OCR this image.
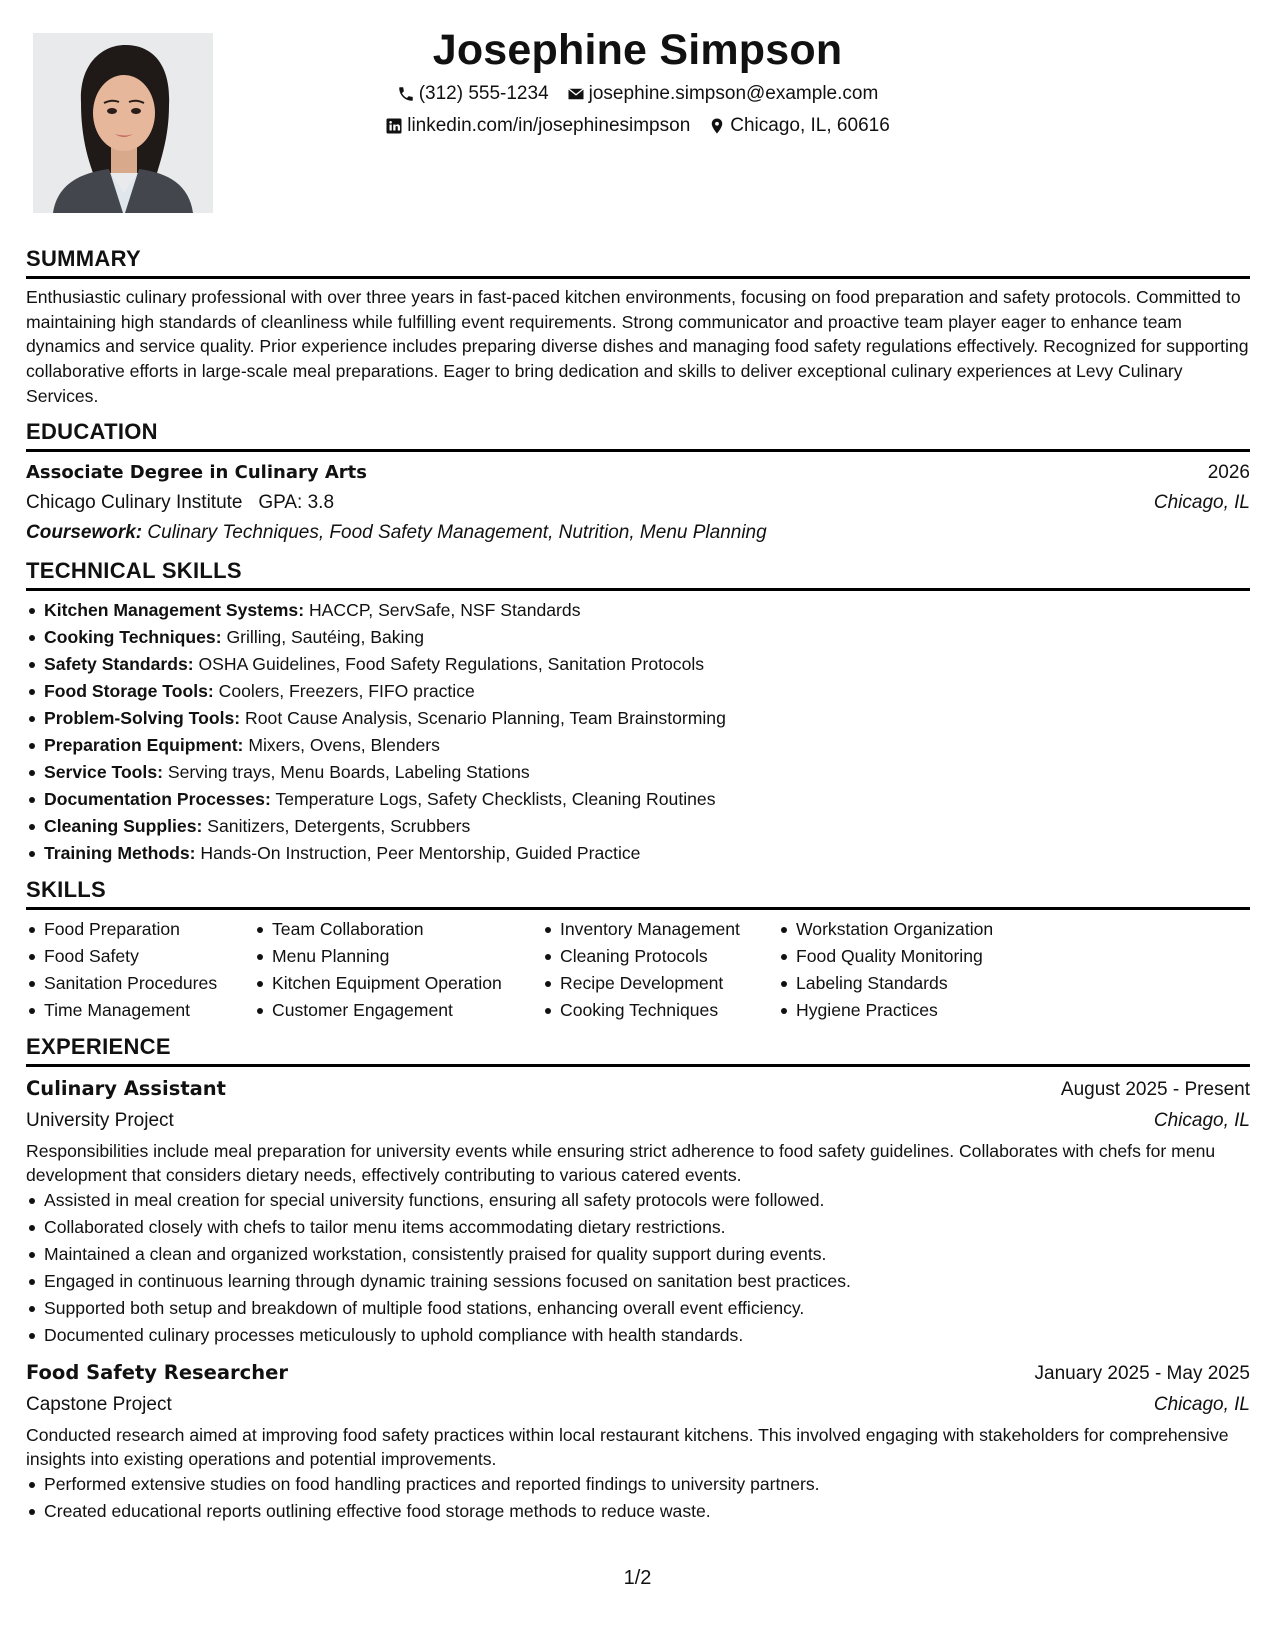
Josephine Simpson
(312) 555-1234 josephine.simpson@example.com
linkedin.com/in/josephinesimpson Chicago, IL, 60616
SUMMARY
Enthusiastic culinary professional with over three years in fast-paced kitchen environments, focusing on food preparation and safety protocols. Committed to maintaining high standards of cleanliness while fulfilling event requirements. Strong communicator and proactive team player eager to enhance team dynamics and service quality. Prior experience includes preparing diverse dishes and managing food safety regulations effectively. Recognized for supporting collaborative efforts in large-scale meal preparations. Eager to bring dedication and skills to deliver exceptional culinary experiences at Levy Culinary Services.
EDUCATION
Associate Degree in Culinary Arts	2026
Chicago Culinary Institute GPA: 3.8	Chicago, IL
Coursework: Culinary Techniques, Food Safety Management, Nutrition, Menu Planning
TECHNICAL SKILLS
Kitchen Management Systems: HACCP, ServSafe, NSF Standards
Cooking Techniques: Grilling, Sautéing, Baking
Safety Standards: OSHA Guidelines, Food Safety Regulations, Sanitation Protocols
Food Storage Tools: Coolers, Freezers, FIFO practice
Problem-Solving Tools: Root Cause Analysis, Scenario Planning, Team Brainstorming
Preparation Equipment: Mixers, Ovens, Blenders
Service Tools: Serving trays, Menu Boards, Labeling Stations
Documentation Processes: Temperature Logs, Safety Checklists, Cleaning Routines
Cleaning Supplies: Sanitizers, Detergents, Scrubbers
Training Methods: Hands-On Instruction, Peer Mentorship, Guided Practice
SKILLS
Food Preparation
Food Safety
Sanitation Procedures
Time Management
Team Collaboration
Menu Planning
Kitchen Equipment Operation
Customer Engagement
Inventory Management
Cleaning Protocols
Recipe Development
Cooking Techniques
Workstation Organization
Food Quality Monitoring
Labeling Standards
Hygiene Practices
EXPERIENCE
Culinary Assistant	August 2025 - Present
University Project	Chicago, IL
Responsibilities include meal preparation for university events while ensuring strict adherence to food safety guidelines. Collaborates with chefs for menu development that considers dietary needs, effectively contributing to various catered events.
Assisted in meal creation for special university functions, ensuring all safety protocols were followed.
Collaborated closely with chefs to tailor menu items accommodating dietary restrictions.
Maintained a clean and organized workstation, consistently praised for quality support during events.
Engaged in continuous learning through dynamic training sessions focused on sanitation best practices.
Supported both setup and breakdown of multiple food stations, enhancing overall event efficiency.
Documented culinary processes meticulously to uphold compliance with health standards.
Food Safety Researcher	January 2025 - May 2025
Capstone Project	Chicago, IL
Conducted research aimed at improving food safety practices within local restaurant kitchens. This involved engaging with stakeholders for comprehensive insights into existing operations and potential improvements.
Performed extensive studies on food handling practices and reported findings to university partners.
Created educational reports outlining effective food storage methods to reduce waste.
1/2
